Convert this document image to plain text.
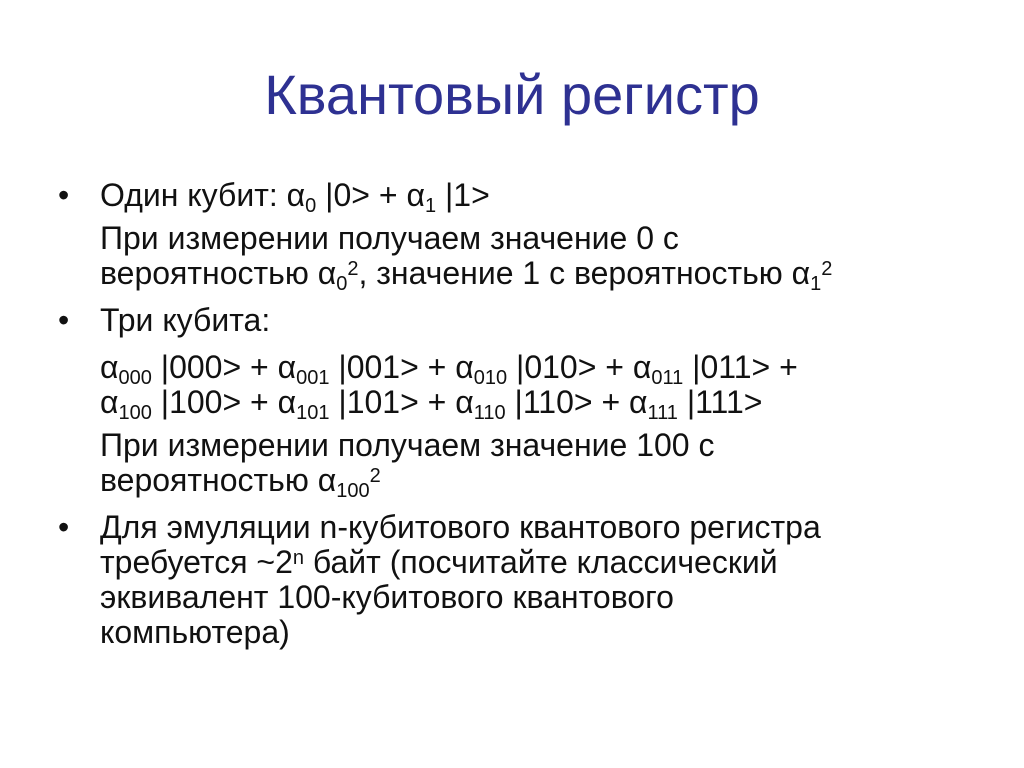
Квантовый регистр
• Один кубит: $\alpha_0$ $|0> + \alpha_1$ |1>
При измерении получаем значение 0 с
вероятностью $\alpha_0^2$, значение 1 с вероятностью $\alpha_1^2$
• Три кубита:
$\alpha_{000}$ $|000> + \alpha_{001}$ $|001> + \alpha_{010}$ $|010> + \alpha_{011}$ |011> +
$\alpha_{100}$ $|100> + \alpha_{101}$ $|101> + \alpha_{110}$ $|110> + \alpha_{111}$ |111>
При измерении получаем значение 100 с
вероятностью $\alpha_{100}^2$
• Для эмуляции n-кубитового квантового регистра
требуется ~2$^n$ байт (посчитайте классический
эквивалент 100-кубитового квантового
компьютера)
